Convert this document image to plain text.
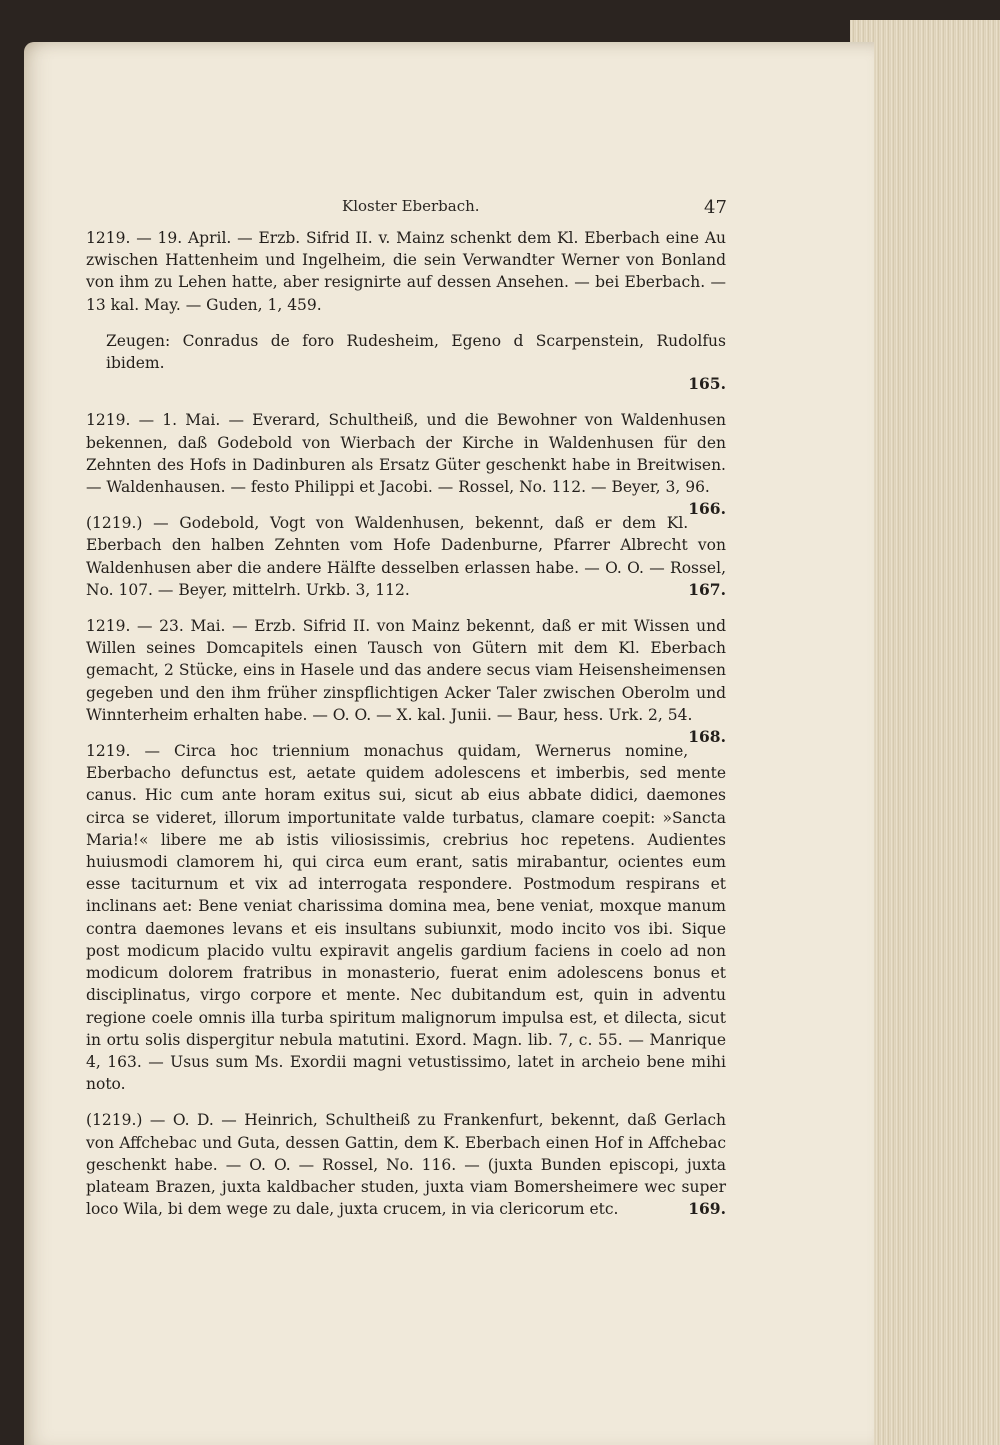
Kloster Eberbach.	47

1219. — 19. April. — Erzb. Sifrid II. v. Mainz schenkt dem Kl. Eberbach eine Au zwischen Hattenheim und Ingelheim, die sein Verwandter Werner von Bonland von ihm zu Lehen hatte, aber resignirte auf dessen Ansehen. — bei Eberbach. — 13 kal. May. — Guden, 1, 459.

Zeugen: Conradus de foro Rudesheim, Egeno d Scarpenstein, Rudolfus ibidem.

165.

1219. — 1. Mai. — Everard, Schultheiß, und die Bewohner von Waldenhusen bekennen, daß Godebold von Wierbach der Kirche in Waldenhusen für den Zehnten des Hofs in Dadinburen als Ersatz Güter geschenkt habe in Breitwisen. — Waldenhausen. — festo Philippi et Jacobi. — Rossel, No. 112. — Beyer, 3, 96.
166.

(1219.) — Godebold, Vogt von Waldenhusen, bekennt, daß er dem Kl. Eberbach den halben Zehnten vom Hofe Dadenburne, Pfarrer Albrecht von Waldenhusen aber die andere Hälfte desselben erlassen habe. — O. O. — Rossel, No. 107. — Beyer, mittelrh. Urkb. 3, 112.	167.

1219. — 23. Mai. — Erzb. Sifrid II. von Mainz bekennt, daß er mit Wissen und Willen seines Domcapitels einen Tausch von Gütern mit dem Kl. Eberbach gemacht, 2 Stücke, eins in Hasele und das andere secus viam Heisensheimensen gegeben und den ihm früher zinspflichtigen Acker Taler zwischen Oberolm und Winnterheim erhalten habe. — O. O. — X. kal. Junii. — Baur, hess. Urk. 2, 54.
168.

1219. — Circa hoc triennium monachus quidam, Wernerus nomine, Eberbacho defunctus est, aetate quidem adolescens et imberbis, sed mente canus. Hic cum ante horam exitus sui, sicut ab eius abbate didici, daemones circa se videret, illorum importunitate valde turbatus, clamare coepit: »Sancta Maria!« libere me ab istis viliosissimis, crebrius hoc repetens. Audientes huiusmodi clamorem hi, qui circa eum erant, satis mirabantur, ocientes eum esse taciturnum et vix ad interrogata respondere. Postmodum respirans et inclinans aet: Bene veniat charissima domina mea, bene veniat, moxque manum contra daemones levans et eis insultans subiunxit, modo incito vos ibi. Sique post modicum placido vultu expiravit angelis gardium faciens in coelo ad non modicum dolorem fratribus in monasterio, fuerat enim adolescens bonus et disciplinatus, virgo corpore et mente. Nec dubitandum est, quin in adventu regione coele omnis illa turba spiritum malignorum impulsa est, et dilecta, sicut in ortu solis dispergitur nebula matutini. Exord. Magn. lib. 7, c. 55. — Manrique 4, 163. — Usus sum Ms. Exordii magni vetustissimo, latet in archeio bene mihi noto.

(1219.) — O. D. — Heinrich, Schultheiß zu Frankenfurt, bekennt, daß Gerlach von Affchebac und Guta, dessen Gattin, dem K. Eberbach einen Hof in Affchebac geschenkt habe. — O. O. — Rossel, No. 116. — (juxta Bunden episcopi, juxta plateam Brazen, juxta kaldbacher studen, juxta viam Bomersheimere wec super loco Wila, bi dem wege zu dale, juxta crucem, in via clericorum etc.	169.
